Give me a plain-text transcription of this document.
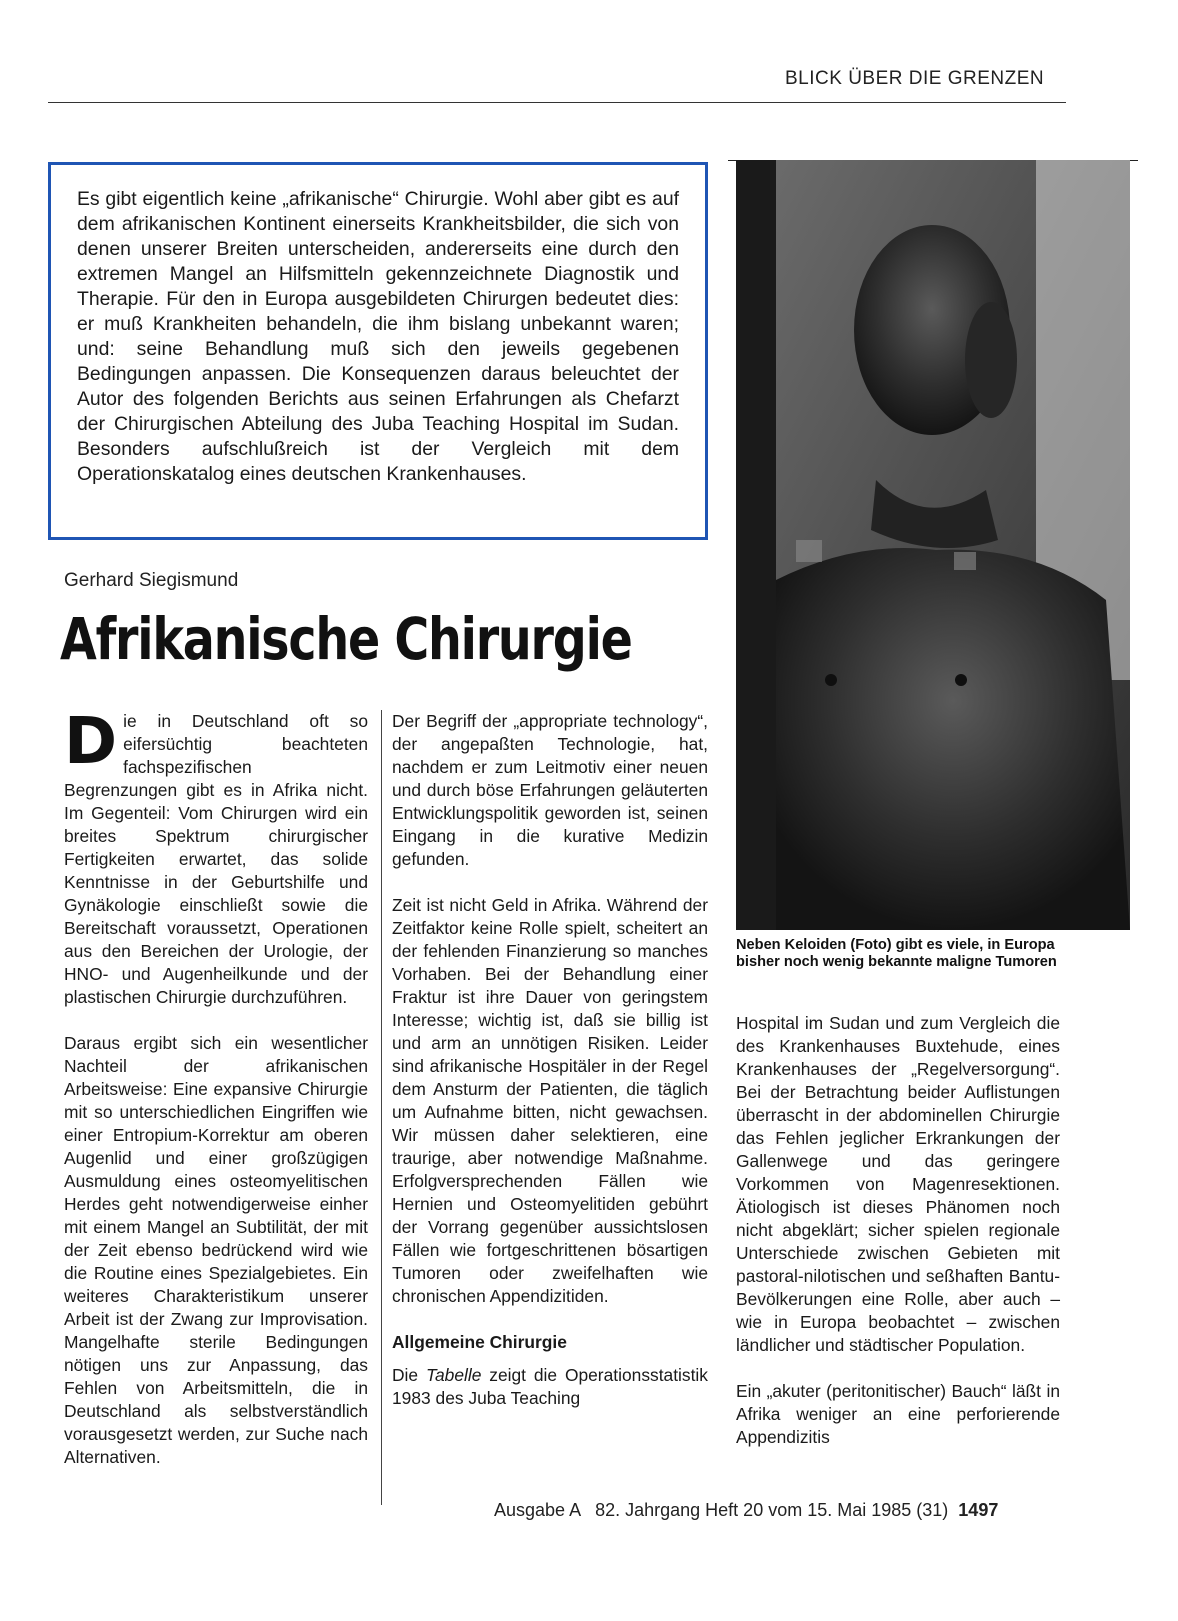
BLICK ÜBER DIE GRENZEN
Es gibt eigentlich keine „afrikanische“ Chirurgie. Wohl aber gibt es auf dem afrikanischen Kontinent einerseits Krankheitsbilder, die sich von denen unserer Breiten unterscheiden, andererseits eine durch den extremen Mangel an Hilfsmitteln gekennzeichnete Diagnostik und Therapie. Für den in Europa ausgebildeten Chirurgen bedeutet dies: er muß Krankheiten behandeln, die ihm bislang unbekannt waren; und: seine Behandlung muß sich den jeweils gegebenen Bedingungen anpassen. Die Konsequenzen daraus beleuchtet der Autor des folgenden Berichts aus seinen Erfahrungen als Chefarzt der Chirurgischen Abteilung des Juba Teaching Hospital im Sudan. Besonders aufschlußreich ist der Vergleich mit dem Operationskatalog eines deutschen Krankenhauses.
Gerhard Siegismund
Afrikanische Chirurgie

Die in Deutschland oft so eifersüchtig beachteten fachspezifischen Begrenzungen gibt es in Afrika nicht. Im Gegenteil: Vom Chirurgen wird ein breites Spektrum chirurgischer Fertigkeiten erwartet, das solide Kenntnisse in der Geburtshilfe und Gynäkologie einschließt sowie die Bereitschaft voraussetzt, Operationen aus den Bereichen der Urologie, der HNO- und Augenheilkunde und der plastischen Chirurgie durchzuführen.

Daraus ergibt sich ein wesentlicher Nachteil der afrikanischen Arbeitsweise: Eine expansive Chirurgie mit so unterschiedlichen Eingriffen wie einer Entropium-Korrektur am oberen Augenlid und einer großzügigen Ausmuldung eines osteomyelitischen Herdes geht notwendigerweise einher mit einem Mangel an Subtilität, der mit der Zeit ebenso bedrückend wird wie die Routine eines Spezialgebietes. Ein weiteres Charakteristikum unserer Arbeit ist der Zwang zur Improvisation. Mangelhafte sterile Bedingungen nötigen uns zur Anpassung, das Fehlen von Arbeitsmitteln, die in Deutschland als selbstverständlich vorausgesetzt werden, zur Suche nach Alternativen.

Der Begriff der „appropriate technology“, der angepaßten Technologie, hat, nachdem er zum Leitmotiv einer neuen und durch böse Erfahrungen geläuterten Entwicklungspolitik geworden ist, seinen Eingang in die kurative Medizin gefunden.

Zeit ist nicht Geld in Afrika. Während der Zeitfaktor keine Rolle spielt, scheitert an der fehlenden Finanzierung so manches Vorhaben. Bei der Behandlung einer Fraktur ist ihre Dauer von geringstem Interesse; wichtig ist, daß sie billig ist und arm an unnötigen Risiken. Leider sind afrikanische Hospitäler in der Regel dem Ansturm der Patienten, die täglich um Aufnahme bitten, nicht gewachsen. Wir müssen daher selektieren, eine traurige, aber notwendige Maßnahme. Erfolgversprechenden Fällen wie Hernien und Osteomyelitiden gebührt der Vorrang gegenüber aussichtslosen Fällen wie fortgeschrittenen bösartigen Tumoren oder zweifelhaften wie chronischen Appendizitiden.

Allgemeine Chirurgie

Die Tabelle zeigt die Operationsstatistik 1983 des Juba Teaching

Neben Keloiden (Foto) gibt es viele, in Europa bisher noch wenig bekannte maligne Tumoren

Hospital im Sudan und zum Vergleich die des Krankenhauses Buxtehude, eines Krankenhauses der „Regelversorgung“. Bei der Betrachtung beider Auflistungen überrascht in der abdominellen Chirurgie das Fehlen jeglicher Erkrankungen der Gallenwege und das geringere Vorkommen von Magenresektionen. Ätiologisch ist dieses Phänomen noch nicht abgeklärt; sicher spielen regionale Unterschiede zwischen Gebieten mit pastoral-nilotischen und seßhaften Bantu-Bevölkerungen eine Rolle, aber auch – wie in Europa beobachtet – zwischen ländlicher und städtischer Population.

Ein „akuter (peritonitischer) Bauch“ läßt in Afrika weniger an eine perforierende Appendizitis

Ausgabe A   82. Jahrgang Heft 20 vom 15. Mai 1985 (31) 1497
